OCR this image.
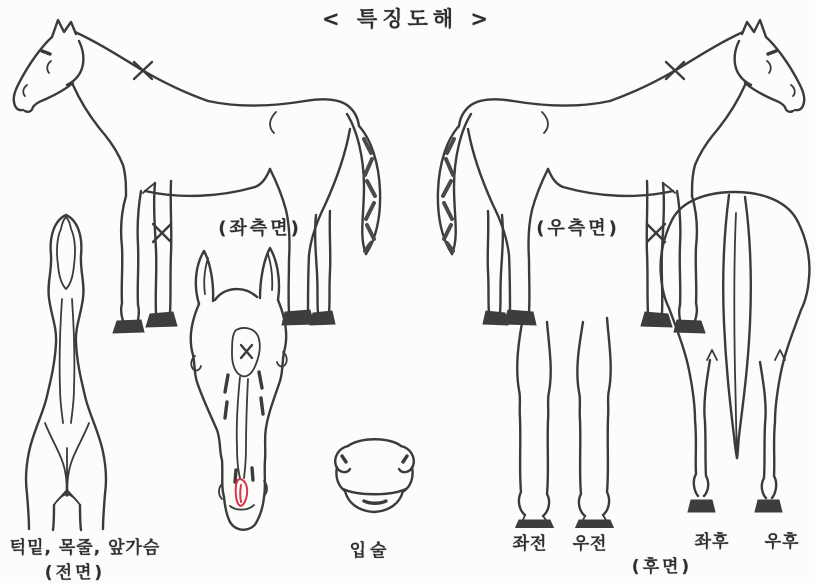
< 특징도해 >
(좌측면)	(우측면)
턱밑, 목줄, 앞가슴
(전면)
입술	좌전	우전	좌후	우후
(후면)
